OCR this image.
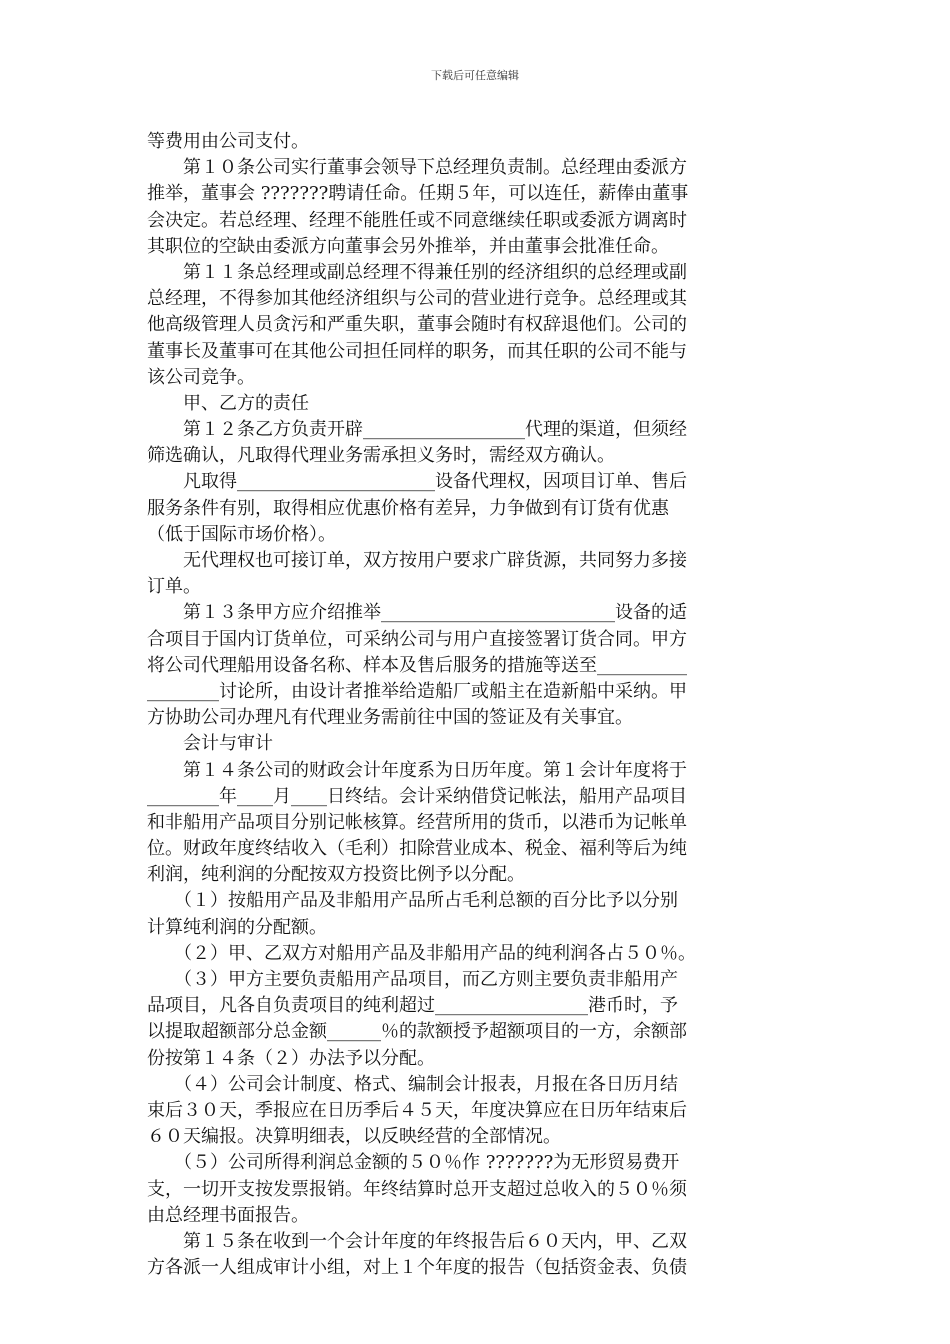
下载后可任意编辑
等费用由公司支付。
　　第１０条公司实行董事会领导下总经理负责制。总经理由委派方
推举，董事会 ???????聘请任命。任期５年，可以连任，薪俸由董事
会决定。若总经理、经理不能胜任或不同意继续任职或委派方调离时
其职位的空缺由委派方向董事会另外推举，并由董事会批准任命。
　　第１１条总经理或副总经理不得兼任别的经济组织的总经理或副
总经理，不得参加其他经济组织与公司的营业进行竞争。总经理或其
他高级管理人员贪污和严重失职，董事会随时有权辞退他们。公司的
董事长及董事可在其他公司担任同样的职务，而其任职的公司不能与
该公司竞争。
　　甲、乙方的责任
　　第１２条乙方负责开辟__________________代理的渠道，但须经
筛选确认，凡取得代理业务需承担义务时，需经双方确认。
　　凡取得______________________设备代理权，因项目订单、售后
服务条件有别，取得相应优惠价格有差异，力争做到有订货有优惠
（低于国际市场价格）。
　　无代理权也可接订单，双方按用户要求广辟货源，共同努力多接
订单。
　　第１３条甲方应介绍推举__________________________设备的适
合项目于国内订货单位，可采纳公司与用户直接签署订货合同。甲方
将公司代理船用设备名称、样本及售后服务的措施等送至__________
________讨论所，由设计者推举给造船厂或船主在造新船中采纳。甲
方协助公司办理凡有代理业务需前往中国的签证及有关事宜。
　　会计与审计
　　第１４条公司的财政会计年度系为日历年度。第１会计年度将于
________年____月____日终结。会计采纳借贷记帐法，船用产品项目
和非船用产品项目分别记帐核算。经营所用的货币，以港币为记帐单
位。财政年度终结收入（毛利）扣除营业成本、税金、福利等后为纯
利润，纯利润的分配按双方投资比例予以分配。
　　（１）按船用产品及非船用产品所占毛利总额的百分比予以分别
计算纯利润的分配额。
　　（２）甲、乙双方对船用产品及非船用产品的纯利润各占５０％。
　　（３）甲方主要负责船用产品项目，而乙方则主要负责非船用产
品项目，凡各自负责项目的纯利超过_________________港币时，予
以提取超额部分总金额______％的款额授予超额项目的一方，余额部
份按第１４条（２）办法予以分配。
　　（４）公司会计制度、格式、编制会计报表，月报在各日历月结
束后３０天，季报应在日历季后４５天，年度决算应在日历年结束后
６０天编报。决算明细表，以反映经营的全部情况。
　　（５）公司所得利润总金额的５０％作 ???????为无形贸易费开
支，一切开支按发票报销。年终结算时总开支超过总收入的５０％须
由总经理书面报告。
　　第１５条在收到一个会计年度的年终报告后６０天内，甲、乙双
方各派一人组成审计小组，对上１个年度的报告（包括资金表、负债
